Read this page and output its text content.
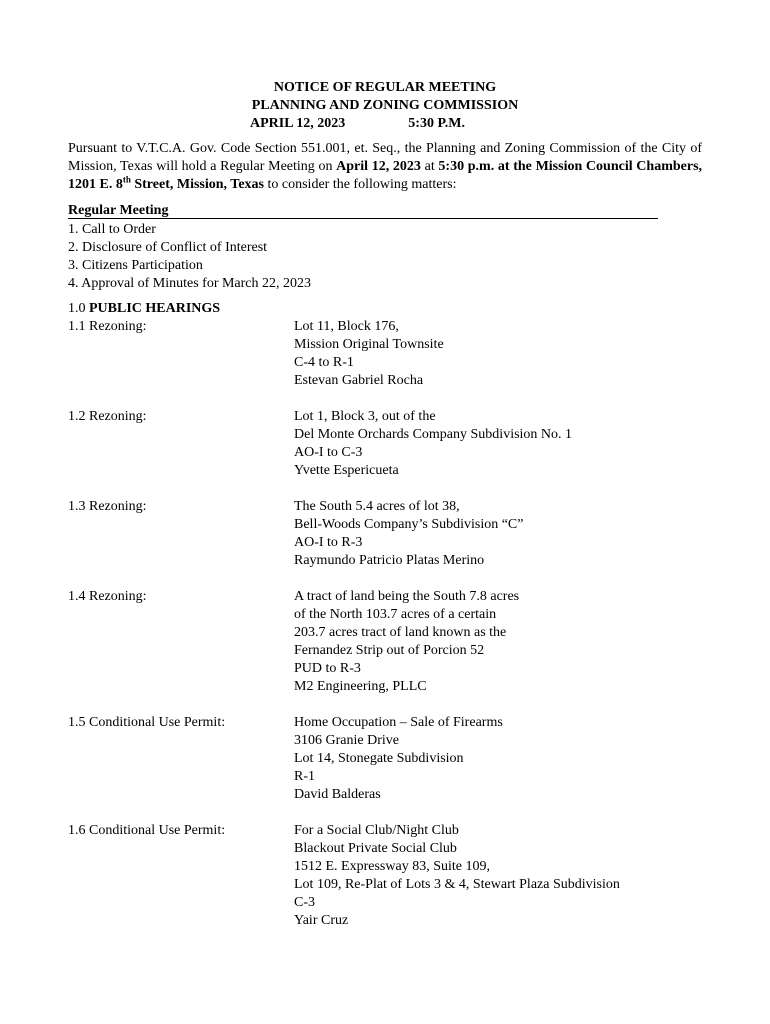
NOTICE OF REGULAR MEETING
PLANNING AND ZONING COMMISSION
APRIL 12, 2023	5:30 P.M.
Pursuant to V.T.C.A. Gov. Code Section 551.001, et. Seq., the Planning and Zoning Commission of the City of Mission, Texas will hold a Regular Meeting on April 12, 2023 at 5:30 p.m. at the Mission Council Chambers, 1201 E. 8th Street, Mission, Texas to consider the following matters:
Regular Meeting
1. Call to Order
2. Disclosure of Conflict of Interest
3. Citizens Participation
4. Approval of Minutes for March 22, 2023
1.0 PUBLIC HEARINGS
1.1 Rezoning:	Lot 11, Block 176,
Mission Original Townsite
C-4 to R-1
Estevan Gabriel Rocha
1.2 Rezoning:	Lot 1, Block 3, out of the
Del Monte Orchards Company Subdivision No. 1
AO-I to C-3
Yvette Espericueta
1.3 Rezoning:	The South 5.4 acres of lot 38,
Bell-Woods Company’s Subdivision “C”
AO-I to R-3
Raymundo Patricio Platas Merino
1.4 Rezoning:	A tract of land being the South 7.8 acres
of the North 103.7 acres of a certain
203.7 acres tract of land known as the
Fernandez Strip out of Porcion 52
PUD to R-3
M2 Engineering, PLLC
1.5 Conditional Use Permit:	Home Occupation – Sale of Firearms
3106 Granie Drive
Lot 14, Stonegate Subdivision
R-1
David Balderas
1.6 Conditional Use Permit:	For a Social Club/Night Club
Blackout Private Social Club
1512 E. Expressway 83, Suite 109,
Lot 109, Re-Plat of Lots 3 & 4, Stewart Plaza Subdivision
C-3
Yair Cruz
